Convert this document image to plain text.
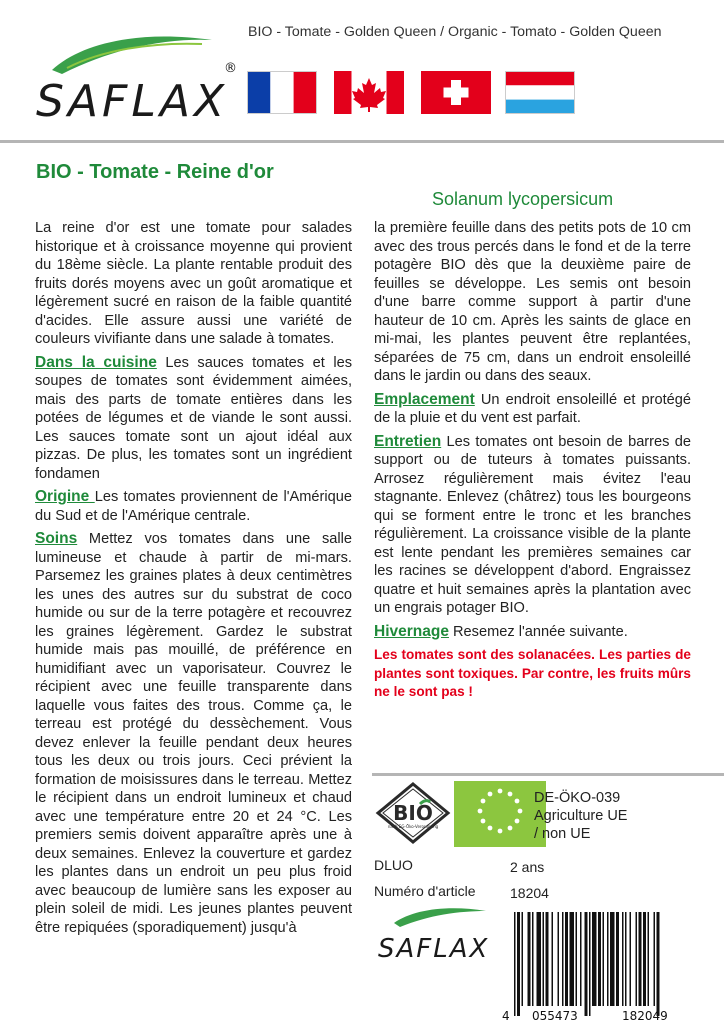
BIO - Tomate - Golden Queen / Organic - Tomato - Golden Queen
SAFLAX
®
BIO - Tomate - Reine d'or
Solanum lycopersicum

La reine d'or est une tomate pour salades historique et à croissance moyenne qui provient du 18ème siècle. La plante rentable produit des fruits dorés moyens avec un goût aromatique et légèrement sucré en raison de la faible quantité d'acides. Elle assure aussi une variété de couleurs vivifiante dans une salade à tomates.

Dans la cuisine Les sauces tomates et les soupes de tomates sont évidemment aimées, mais des parts de tomate entières dans les potées de légumes et de viande le sont aussi. Les sauces tomate sont un ajout idéal aux pizzas. De plus, les tomates sont un ingrédient fondamen

Origine Les tomates proviennent de l'Amérique du Sud et de l'Amérique centrale.

Soins Mettez vos tomates dans une salle lumineuse et chaude à partir de mi-mars. Parsemez les graines plates à deux centimètres les unes des autres sur du substrat de coco humide ou sur de la terre potagère et recouvrez les graines légèrement. Gardez le substrat humide mais pas mouillé, de préférence en humidifiant avec un vaporisateur. Couvrez le récipient avec une feuille transparente dans laquelle vous faites des trous. Comme ça, le terreau est protégé du dessèchement. Vous devez enlever la feuille pendant deux heures tous les deux ou trois jours. Ceci prévient la formation de moisissures dans le terreau. Mettez le récipient dans un endroit lumineux et chaud avec une température entre 20 et 24 °C. Les premiers semis doivent apparaître après une à deux semaines. Enlevez la couverture et gardez les plantes dans un endroit un peu plus froid avec beaucoup de lumière sans les exposer au plein soleil de midi. Les jeunes plantes peuvent être repiquées (sporadiquement) jusqu'à

la première feuille dans des petits pots de 10 cm avec des trous percés dans le fond et de la terre potagère BIO dès que la deuxième paire de feuilles se développe. Les semis ont besoin d'une barre comme support à partir d'une hauteur de 10 cm. Après les saints de glace en mi-mai, les plantes peuvent être replantées, séparées de 75 cm, dans un endroit ensoleillé dans le jardin ou dans des seaux.

Emplacement Un endroit ensoleillé et protégé de la pluie et du vent est parfait.

Entretien Les tomates ont besoin de barres de support ou de tuteurs à tomates puissants. Arrosez régulièrement mais évitez l'eau stagnante. Enlevez (châtrez) tous les bourgeons qui se forment entre le tronc et les branches régulièrement. La croissance visible de la plante est lente pendant les premières semaines car les racines se développent d'abord. Engraissez quatre et huit semaines après la plantation avec un engrais potager BIO.

Hivernage Resemez l'année suivante.

Les tomates sont des solanacées. Les parties de plantes sont toxiques. Par contre, les fruits mûrs ne le sont pas !

BIO
nach EG-Öko-Verordnung
DE-ÖKO-039
Agriculture UE
/ non UE
DLUO	2 ans
Numéro d'article 18204
SAFLAX
4 055473	182049
